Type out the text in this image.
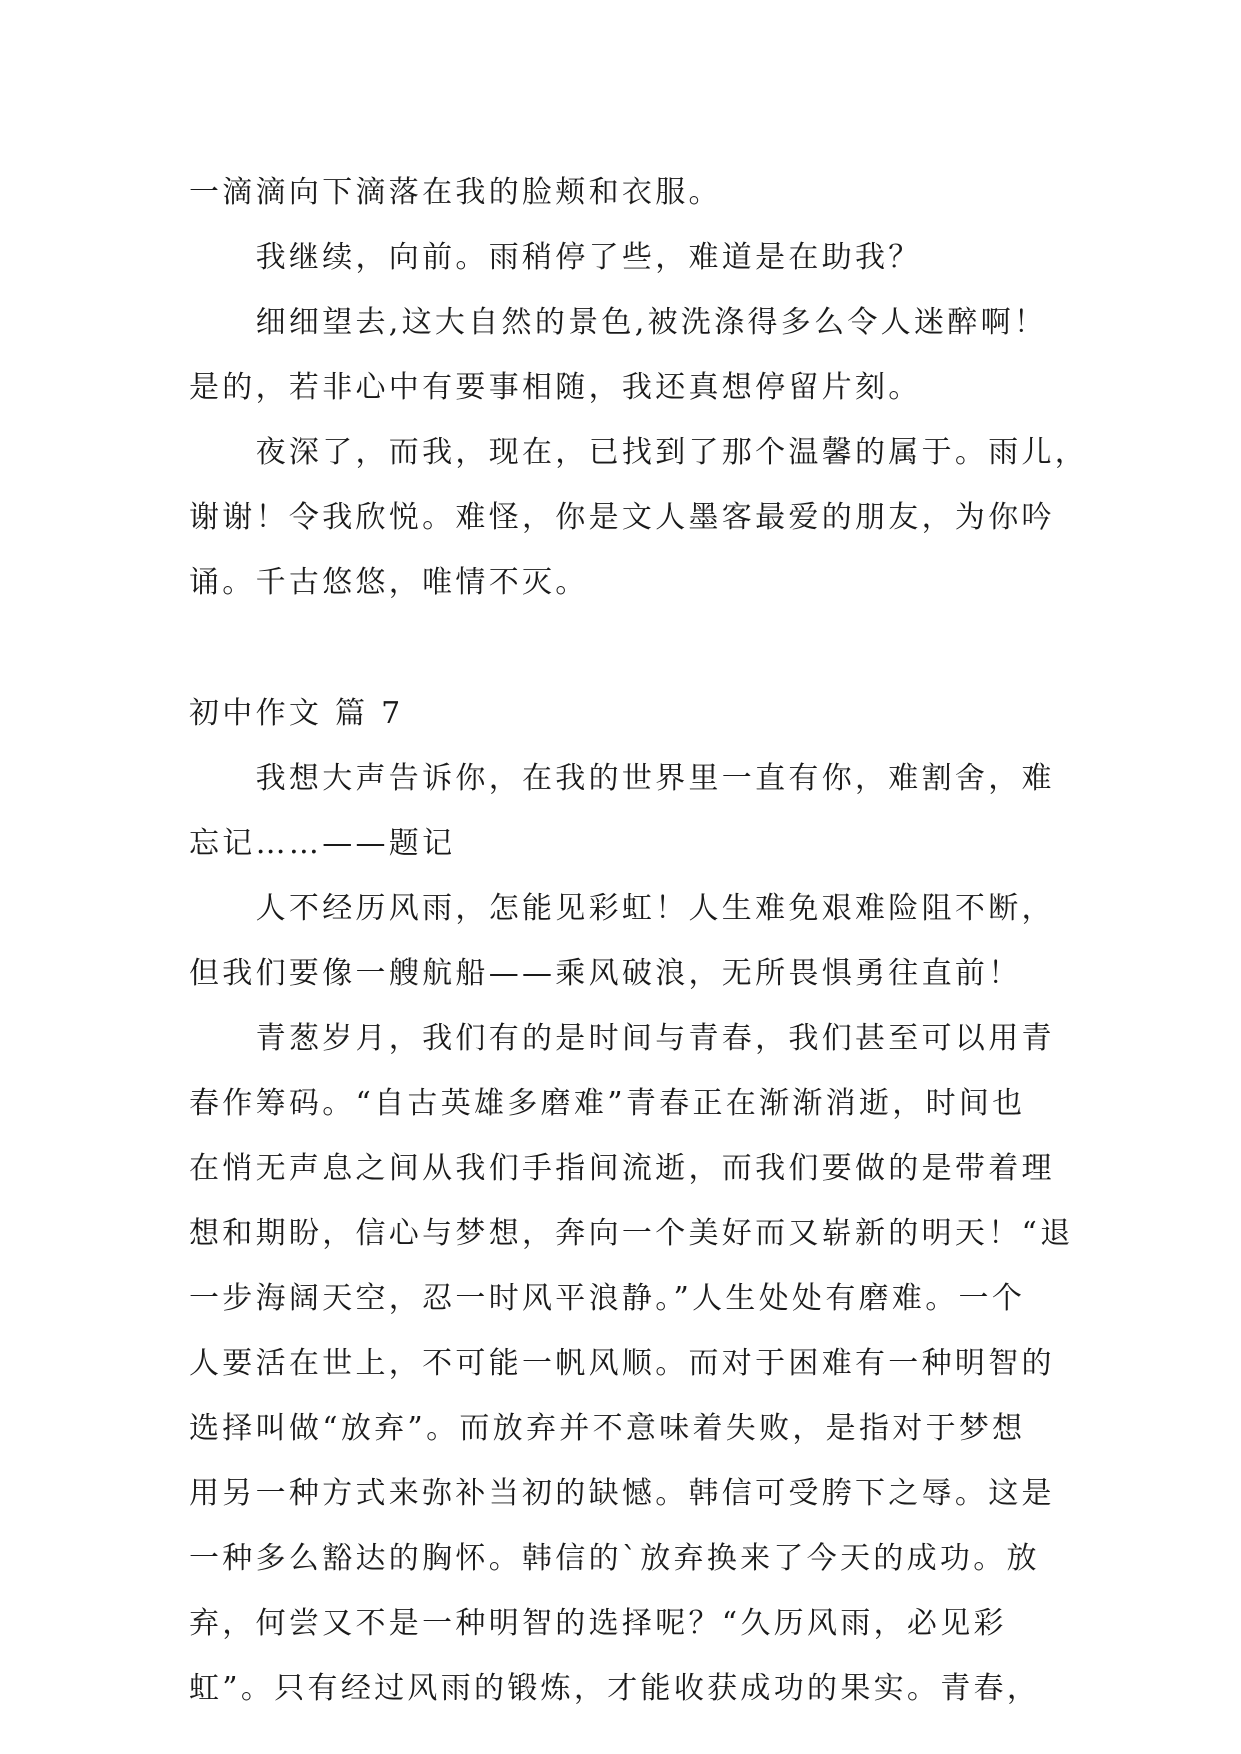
一滴滴向下滴落在我的脸颊和衣服。
　　我继续，向前。雨稍停了些，难道是在助我？
　　细细望去,这大自然的景色,被洗涤得多么令人迷醉啊！
是的，若非心中有要事相随，我还真想停留片刻。
　　夜深了，而我，现在，已找到了那个温馨的属于。雨儿，
谢谢！令我欣悦。难怪，你是文人墨客最爱的朋友，为你吟
诵。千古悠悠，唯情不灭。
初中作文 篇 7
　　我想大声告诉你，在我的世界里一直有你，难割舍，难
忘记……——题记
　　人不经历风雨，怎能见彩虹！人生难免艰难险阻不断，
但我们要像一艘航船——乘风破浪，无所畏惧勇往直前！
　　青葱岁月，我们有的是时间与青春，我们甚至可以用青
春作筹码。“自古英雄多磨难”青春正在渐渐消逝，时间也
在悄无声息之间从我们手指间流逝，而我们要做的是带着理
想和期盼，信心与梦想，奔向一个美好而又崭新的明天！“退
一步海阔天空，忍一时风平浪静。”人生处处有磨难。一个
人要活在世上，不可能一帆风顺。而对于困难有一种明智的
选择叫做“放弃”。而放弃并不意味着失败，是指对于梦想
用另一种方式来弥补当初的缺憾。韩信可受胯下之辱。这是
一种多么豁达的胸怀。韩信的`放弃换来了今天的成功。放
弃，何尝又不是一种明智的选择呢？“久历风雨，必见彩
虹”。只有经过风雨的锻炼，才能收获成功的果实。青春，
